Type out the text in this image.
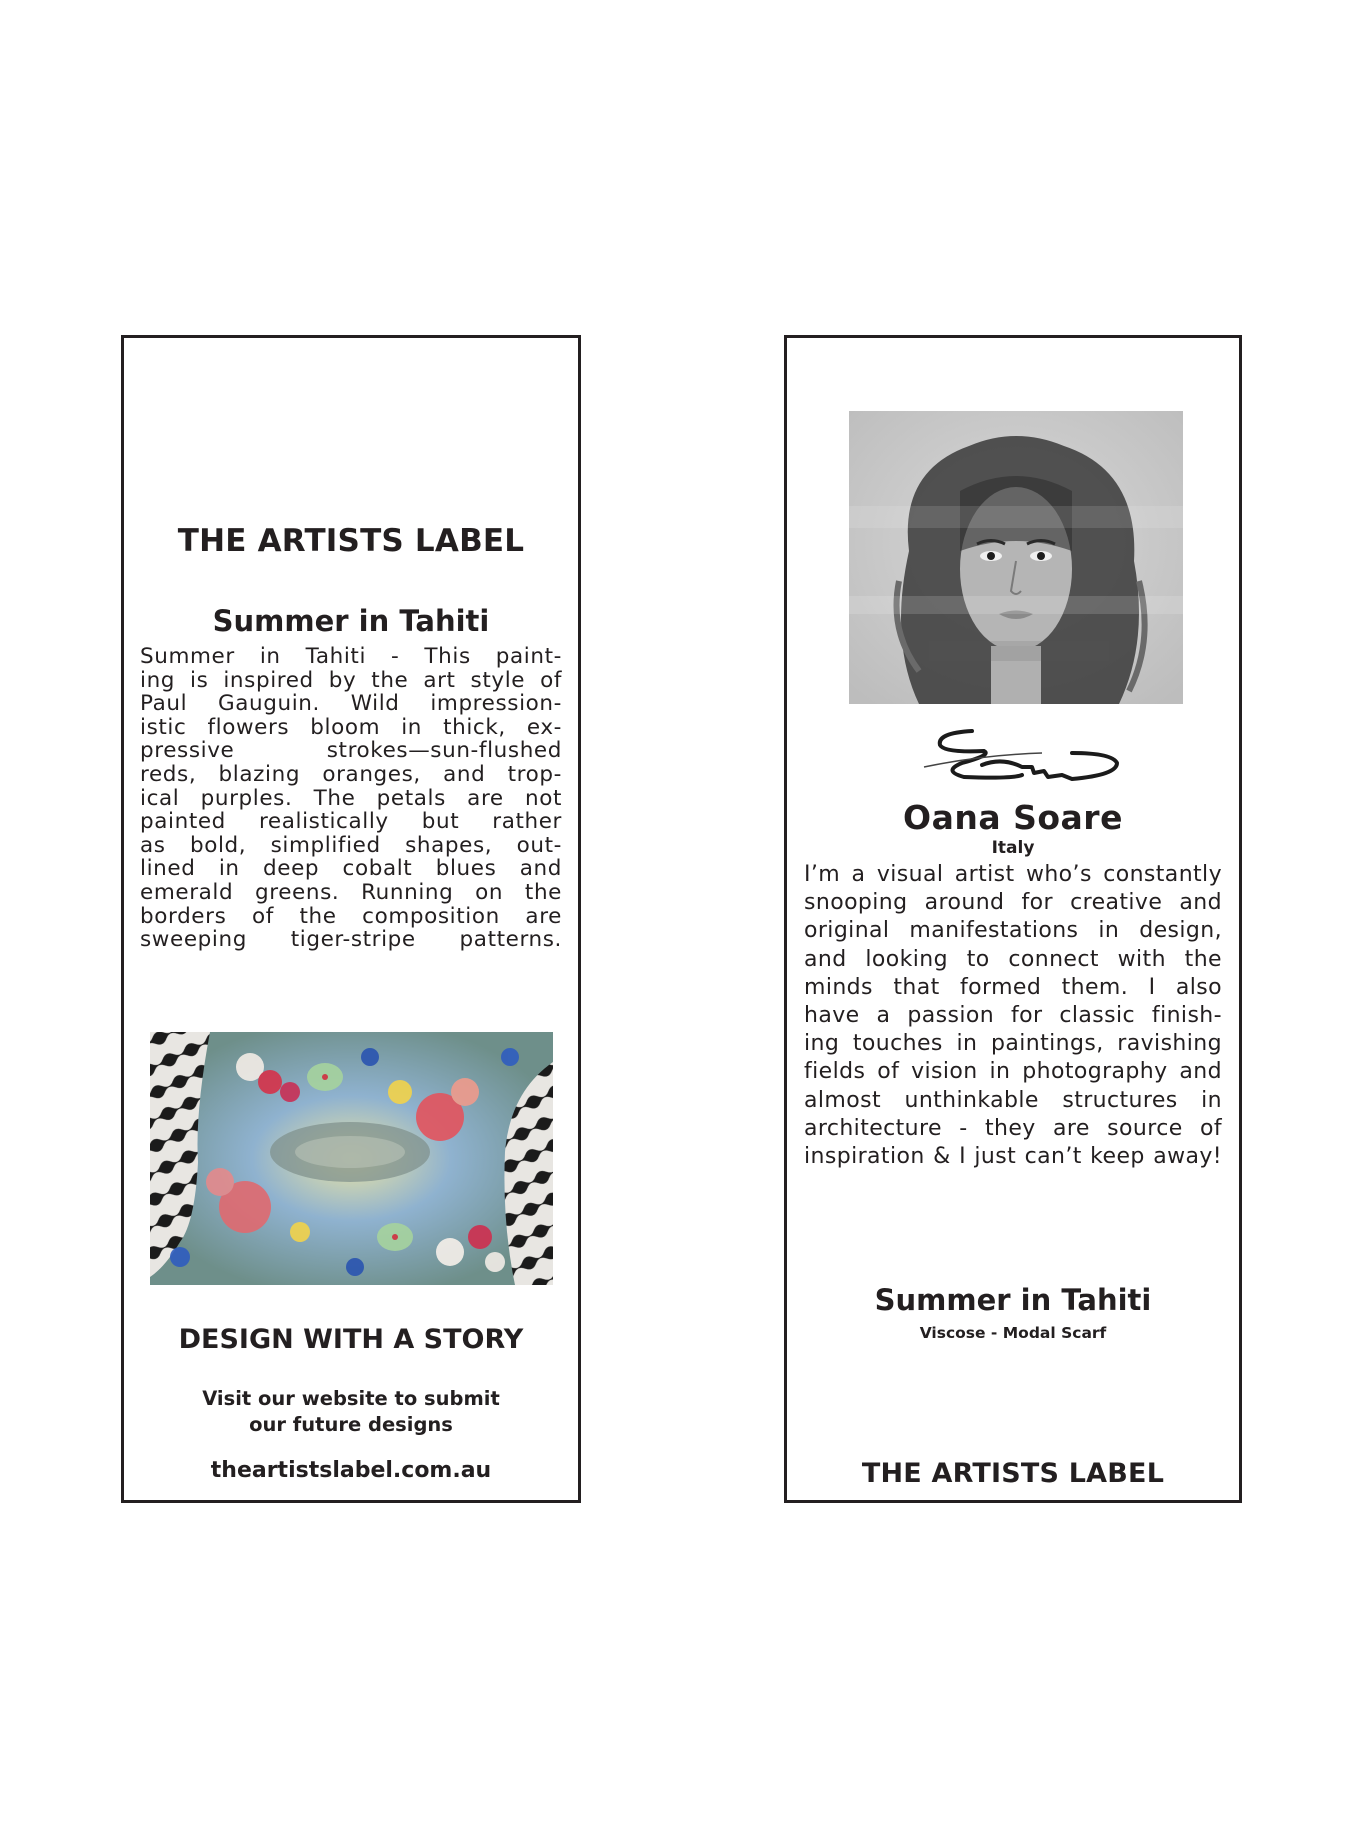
THE ARTISTS LABEL
Summer in Tahiti
Summer in Tahiti - This paint-
ing is inspired by the art style of
Paul Gauguin. Wild impression-
istic flowers bloom in thick, ex-
pressive strokes—sun-flushed
reds, blazing oranges, and trop-
ical purples. The petals are not
painted realistically but rather
as bold, simplified shapes, out-
lined in deep cobalt blues and
emerald greens. Running on the
borders of the composition are
sweeping tiger-stripe patterns.
DESIGN WITH A STORY
Visit our website to submit
our future designs
theartistslabel.com.au
Oana Soare
Italy
I’m a visual artist who’s constantly
snooping around for creative and
original manifestations in design,
and looking to connect with the
minds that formed them. I also
have a passion for classic finish-
ing touches in paintings, ravishing
fields of vision in photography and
almost unthinkable structures in
architecture - they are source of
inspiration & I just can’t keep away!
Summer in Tahiti
Viscose - Modal Scarf
THE ARTISTS LABEL
